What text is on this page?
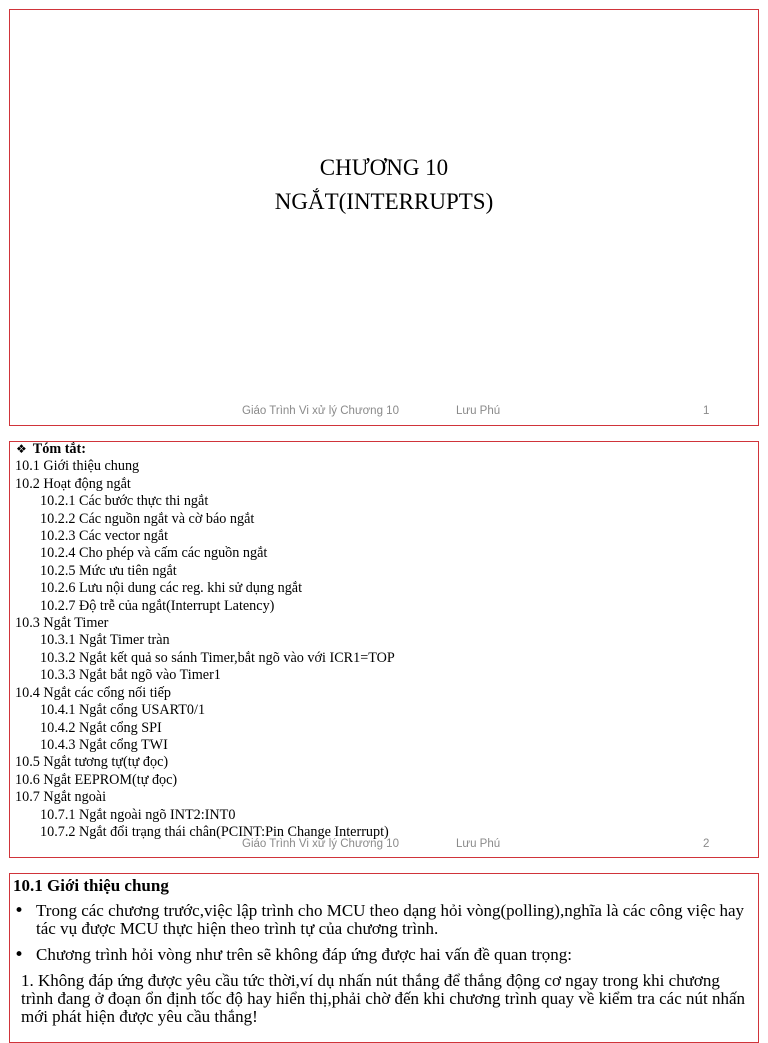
CHƯƠNG 10
NGẮT(INTERRUPTS)
Giáo Trình Vi xử lý Chương 10	Lưu Phú	1
❖ Tóm tắt:
10.1 Giới thiệu chung
10.2 Hoạt động ngắt
10.2.1 Các bước thực thi ngắt
10.2.2 Các nguồn ngắt và cờ báo ngắt
10.2.3 Các vector ngắt
10.2.4 Cho phép và cấm các nguồn ngắt
10.2.5 Mức ưu tiên ngắt
10.2.6 Lưu nội dung các reg. khi sử dụng ngắt
10.2.7 Độ trễ của ngắt(Interrupt Latency)
10.3 Ngắt Timer
10.3.1 Ngắt Timer tràn
10.3.2 Ngắt kết quả so sánh Timer,bắt ngõ vào với ICR1=TOP
10.3.3 Ngắt bắt ngõ vào Timer1
10.4 Ngắt các cổng nối tiếp
10.4.1 Ngắt cổng USART0/1
10.4.2 Ngắt cổng SPI
10.4.3 Ngắt cổng TWI
10.5 Ngắt tương tự(tự đọc)
10.6 Ngắt EEPROM(tự đọc)
10.7 Ngắt ngoài
10.7.1 Ngắt ngoài ngõ INT2:INT0
10.7.2 Ngắt đổi trạng thái chân(PCINT:Pin Change Interrupt)
Giáo Trình Vi xử lý Chương 10	Lưu Phú	2
10.1 Giới thiệu chung
• Trong các chương trước,việc lập trình cho MCU theo dạng hỏi vòng(polling),nghĩa là các công việc hay tác vụ được MCU thực hiện theo trình tự của chương trình.
• Chương trình hỏi vòng như trên sẽ không đáp ứng được hai vấn đề quan trọng:
1. Không đáp ứng được yêu cầu tức thời,ví dụ nhấn nút thắng để thắng động cơ ngay trong khi chương trình đang ở đoạn ổn định tốc độ hay hiển thị,phải chờ đến khi chương trình quay về kiểm tra các nút nhấn mới phát hiện được yêu cầu thắng!
